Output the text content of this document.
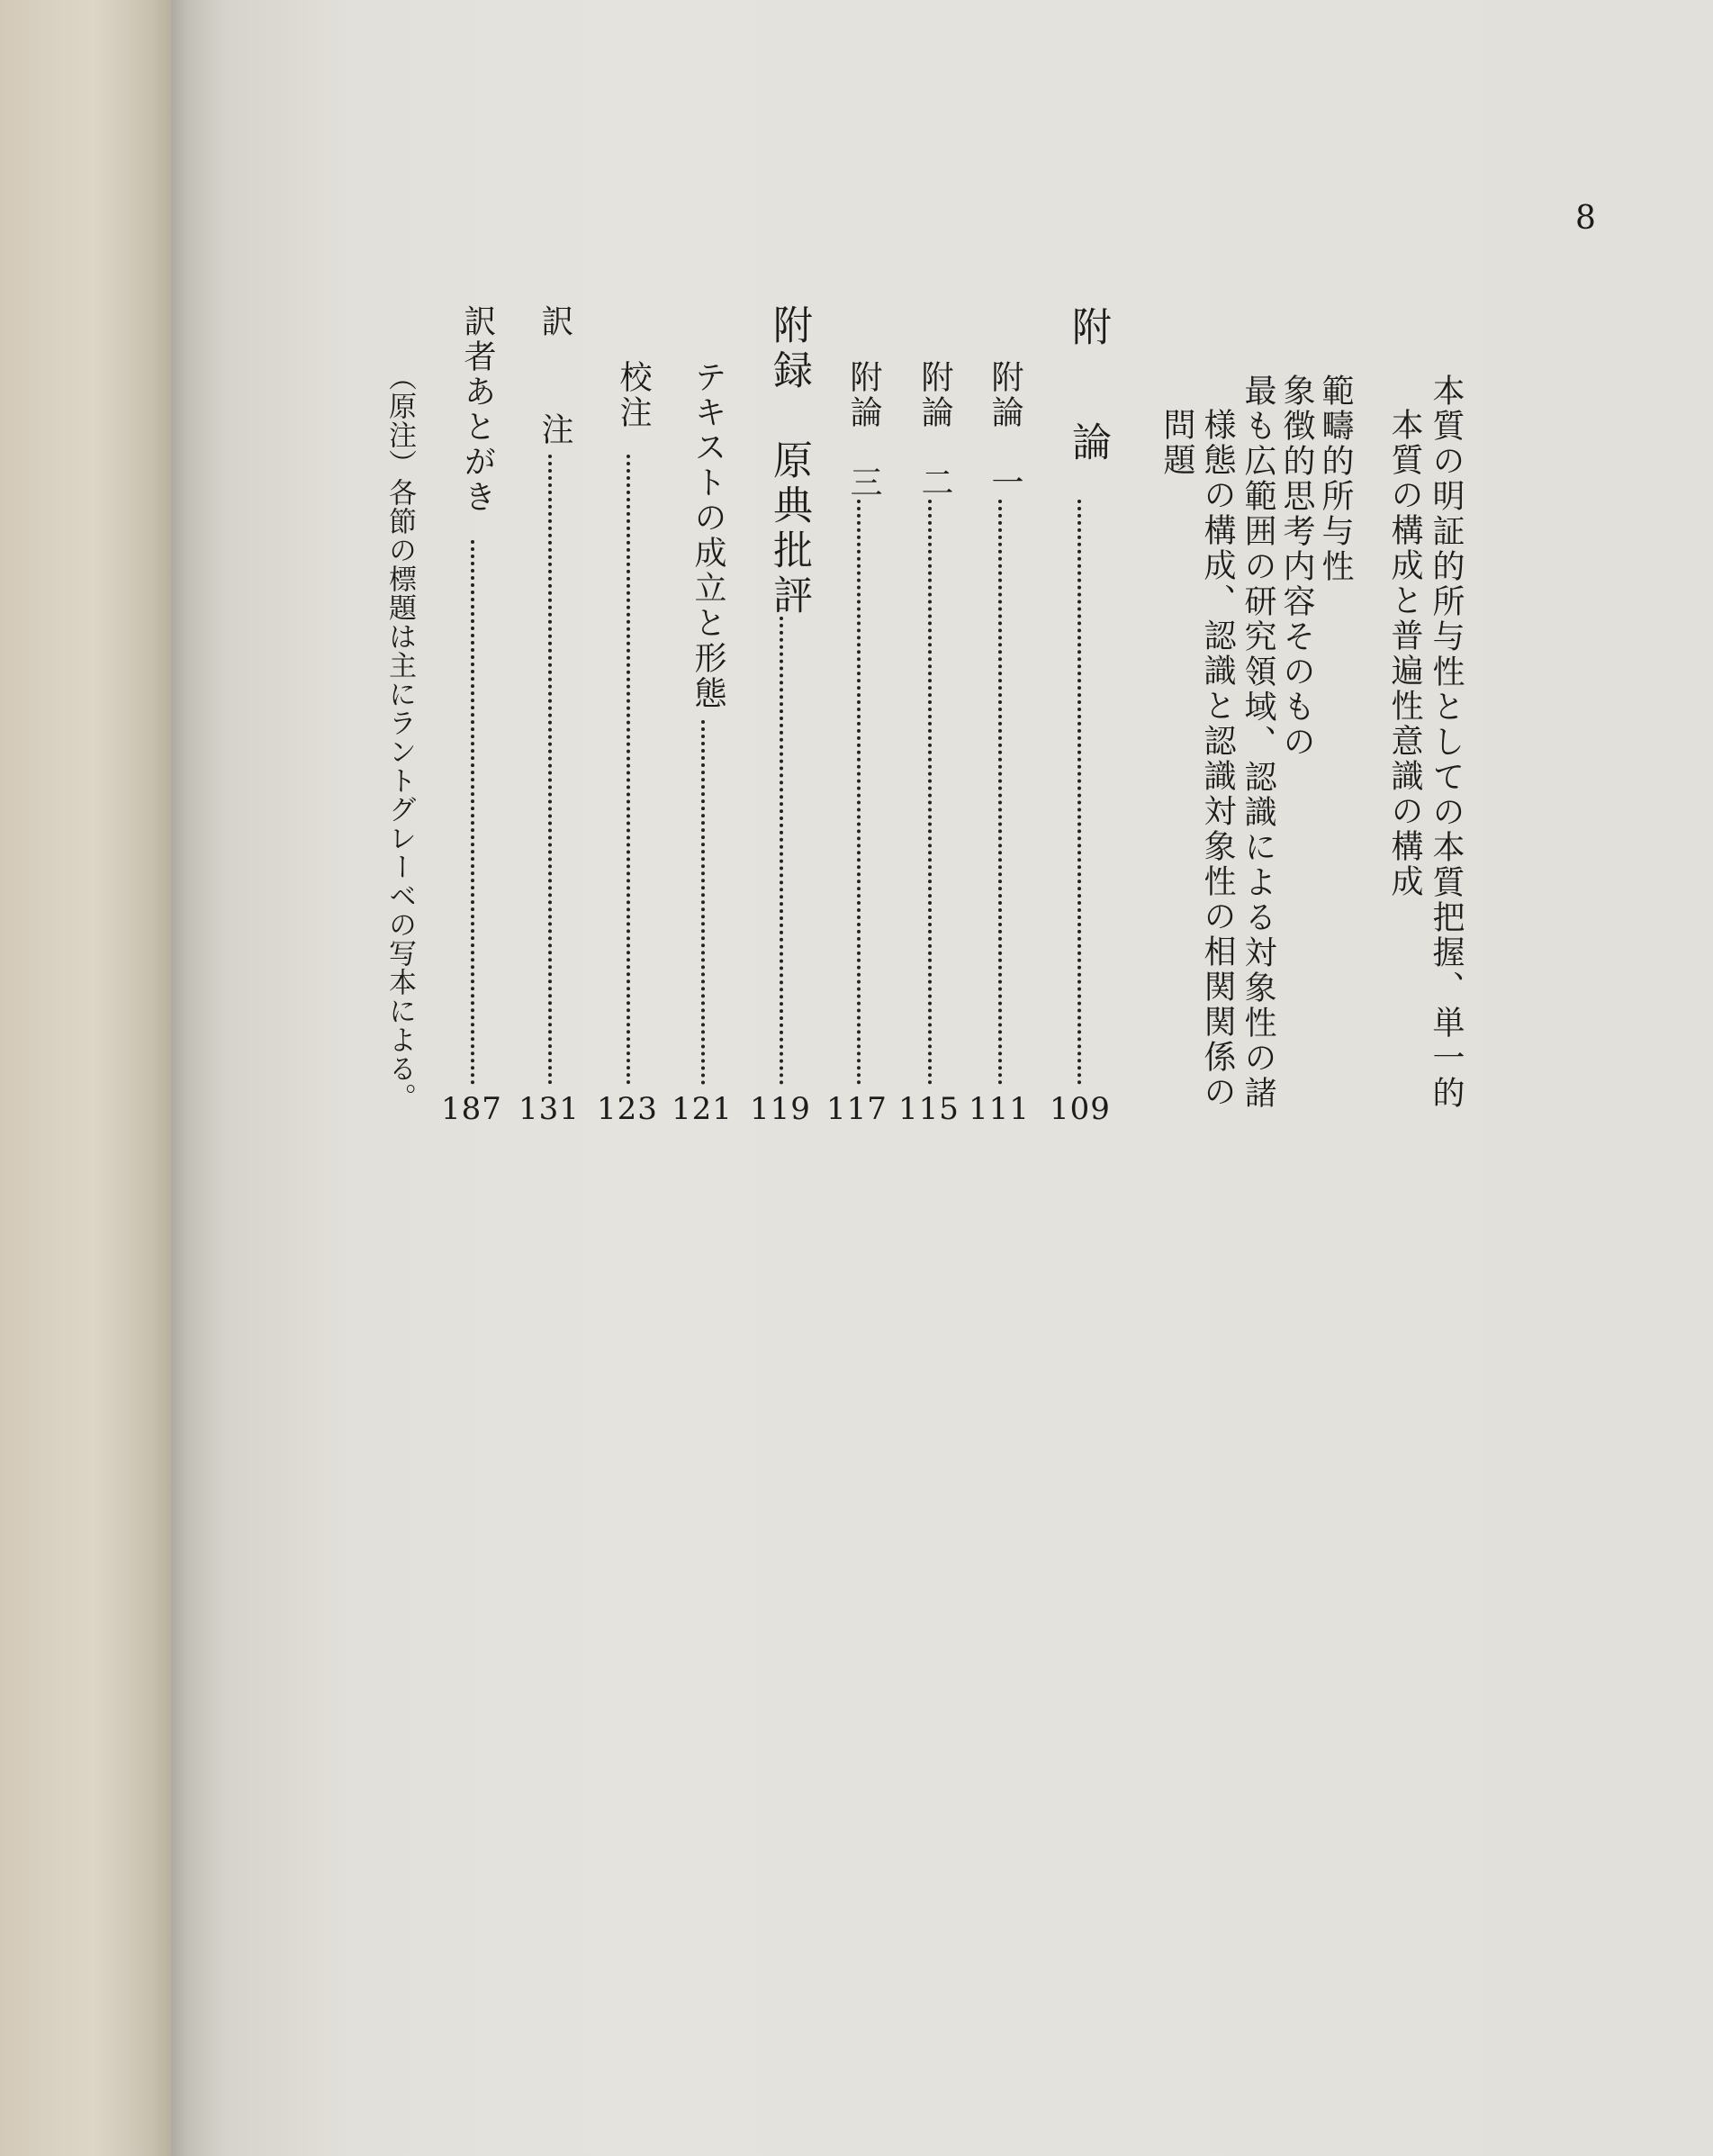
8
本質の明証的所与性としての本質把握、単一的
本質の構成と普遍性意識の構成
範疇的所与性
象徴的思考内容そのもの
最も広範囲の研究領域、認識による対象性の諸
様態の構成、認識と認識対象性の相関関係の
問題
附　論
109
附論　一
111
附論　二
115
附論　三
117
附録　原典批評
119
テキストの成立と形態
121
校注
123
訳　注
131
訳者あとがき
187
（原注）各節の標題は主にラントグレーベの写本による。
